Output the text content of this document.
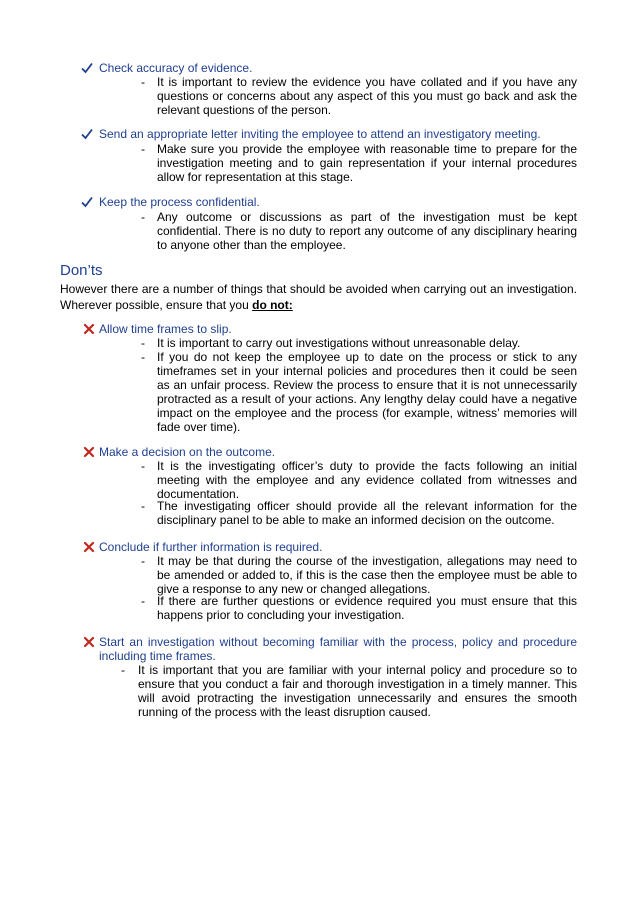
Check accuracy of evidence.
- It is important to review the evidence you have collated and if you have any questions or concerns about any aspect of this you must go back and ask the relevant questions of the person.
Send an appropriate letter inviting the employee to attend an investigatory meeting.
- Make sure you provide the employee with reasonable time to prepare for the investigation meeting and to gain representation if your internal procedures allow for representation at this stage.
Keep the process confidential.
- Any outcome or discussions as part of the investigation must be kept confidential. There is no duty to report any outcome of any disciplinary hearing to anyone other than the employee.
Don’ts
However there are a number of things that should be avoided when carrying out an investigation. Wherever possible, ensure that you do not:
Allow time frames to slip.
- It is important to carry out investigations without unreasonable delay.
- If you do not keep the employee up to date on the process or stick to any timeframes set in your internal policies and procedures then it could be seen as an unfair process. Review the process to ensure that it is not unnecessarily protracted as a result of your actions. Any lengthy delay could have a negative impact on the employee and the process (for example, witness’ memories will fade over time).
Make a decision on the outcome.
- It is the investigating officer’s duty to provide the facts following an initial meeting with the employee and any evidence collated from witnesses and documentation.
- The investigating officer should provide all the relevant information for the disciplinary panel to be able to make an informed decision on the outcome.
Conclude if further information is required.
- It may be that during the course of the investigation, allegations may need to be amended or added to, if this is the case then the employee must be able to give a response to any new or changed allegations.
- If there are further questions or evidence required you must ensure that this happens prior to concluding your investigation.
Start an investigation without becoming familiar with the process, policy and procedure including time frames.
- It is important that you are familiar with your internal policy and procedure so to ensure that you conduct a fair and thorough investigation in a timely manner. This will avoid protracting the investigation unnecessarily and ensures the smooth running of the process with the least disruption caused.
